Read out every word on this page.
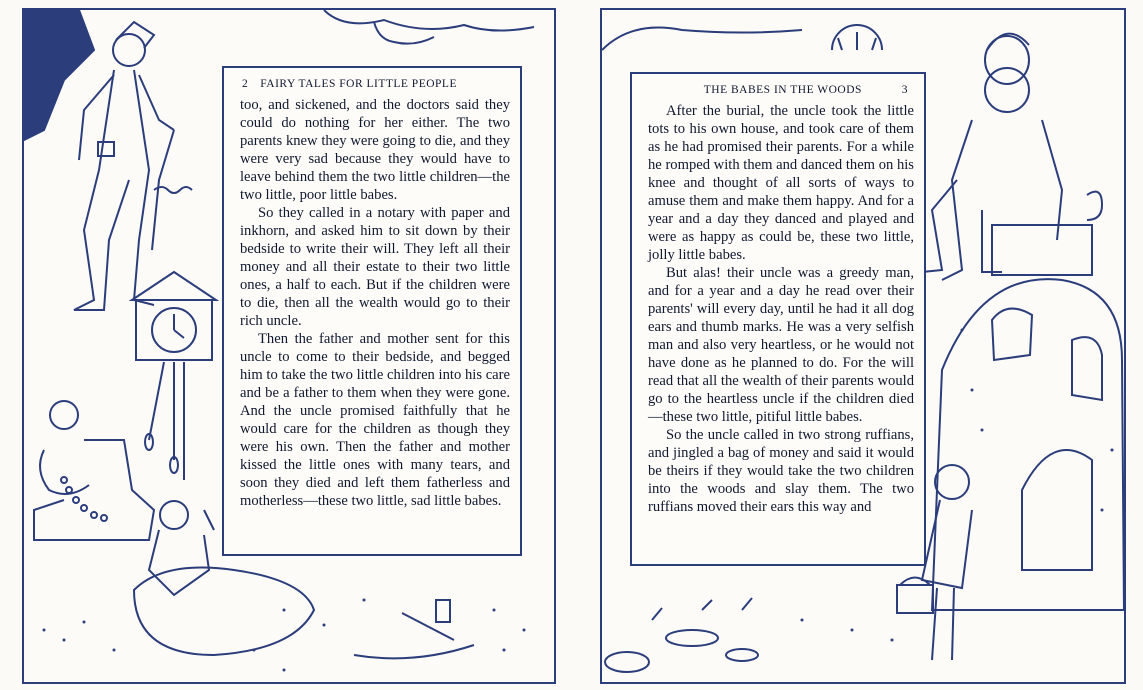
2	FAIRY TALES FOR LITTLE PEOPLE

too, and sickened, and the doctors said they could do nothing for her either. The two parents knew they were going to die, and they were very sad because they would have to leave behind them the two little children—the two little, poor little babes.

So they called in a notary with paper and inkhorn, and asked him to sit down by their bedside to write their will. They left all their money and all their estate to their two little ones, a half to each. But if the children were to die, then all the wealth would go to their rich uncle.

Then the father and mother sent for this uncle to come to their bedside, and begged him to take the two little children into his care and be a father to them when they were gone. And the uncle promised faithfully that he would care for the children as though they were his own. Then the father and mother kissed the little ones with many tears, and soon they died and left them fatherless and motherless—these two little, sad little babes.

THE BABES IN THE WOODS	3

After the burial, the uncle took the little tots to his own house, and took care of them as he had promised their parents. For a while he romped with them and danced them on his knee and thought of all sorts of ways to amuse them and make them happy. And for a year and a day they danced and played and were as happy as could be, these two little, jolly little babes.

But alas! their uncle was a greedy man, and for a year and a day he read over their parents' will every day, until he had it all dog ears and thumb marks. He was a very selfish man and also very heartless, or he would not have done as he planned to do. For the will read that all the wealth of their parents would go to the heartless uncle if the children died—these two little, pitiful little babes.

So the uncle called in two strong ruffians, and jingled a bag of money and said it would be theirs if they would take the two children into the woods and slay them. The two ruffians moved their ears this way and
